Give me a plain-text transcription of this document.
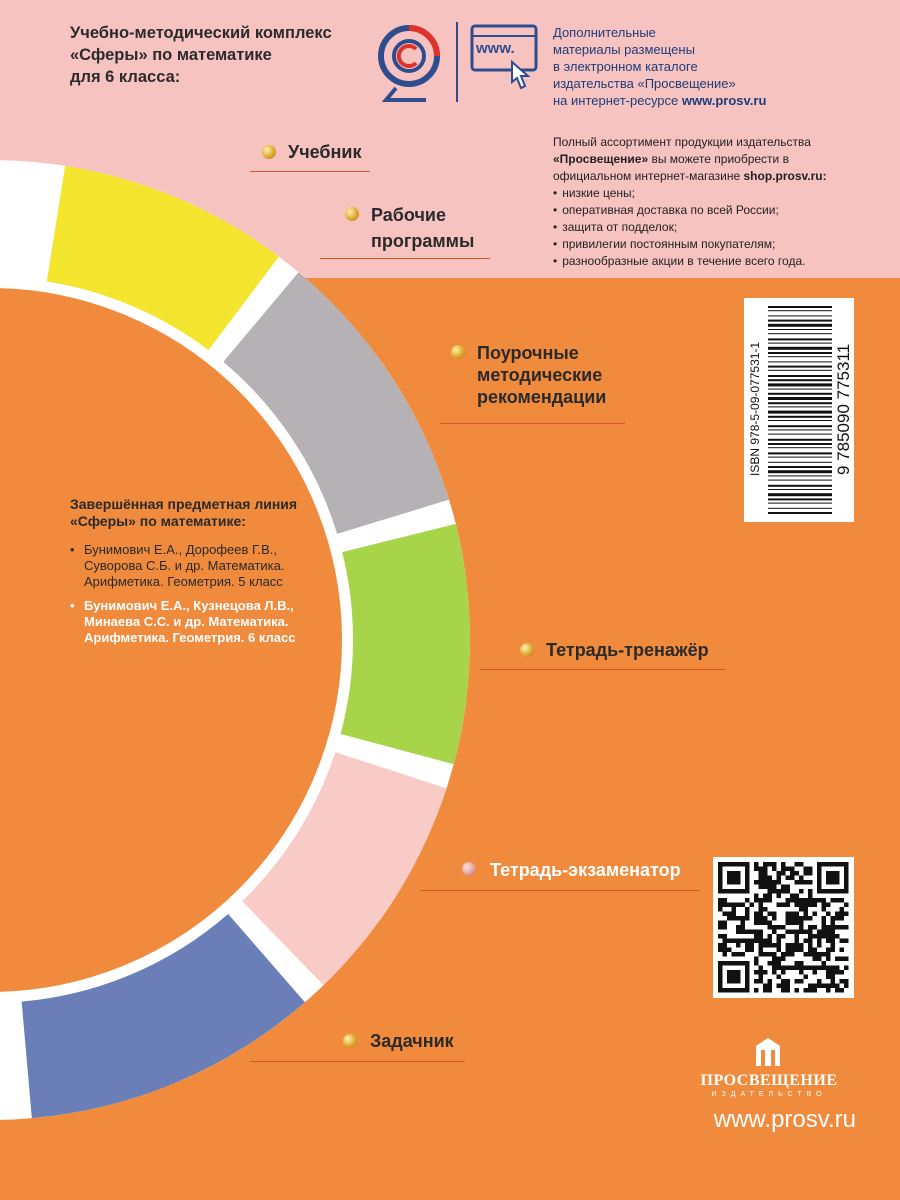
Учебно-методический комплекс
«Сферы» по математике
для 6 класса:
www.
Дополнительные
материалы размещены
в электронном каталоге
издательства «Просвещение»
на интернет-ресурсе www.prosv.ru
Полный ассортимент продукции издательства
«Просвещение» вы можете приобрести в
официальном интернет-магазине shop.prosv.ru:
• низкие цены;
• оперативная доставка по всей России;
• защита от подделок;
• привилегии постоянным покупателям;
• разнообразные акции в течение всего года.
Учебник
Рабочие
программы
Поурочные
методические
рекомендации
Тетрадь-тренажёр
Тетрадь-экзаменатор
Задачник
Завершённая предметная линия «Сферы» по математике:
• Бунимович Е.А., Дорофеев Г.В., Суворова С.Б. и др. Математика. Арифметика. Геометрия. 5 класс
• Бунимович Е.А., Кузнецова Л.В., Минаева С.С. и др. Математика. Арифметика. Геометрия. 6 класс
ISBN 978-5-09-077531-1	9 785090 775311
ПРОСВЕЩЕНИЕ
ИЗДАТЕЛЬСТВО
www.prosv.ru
